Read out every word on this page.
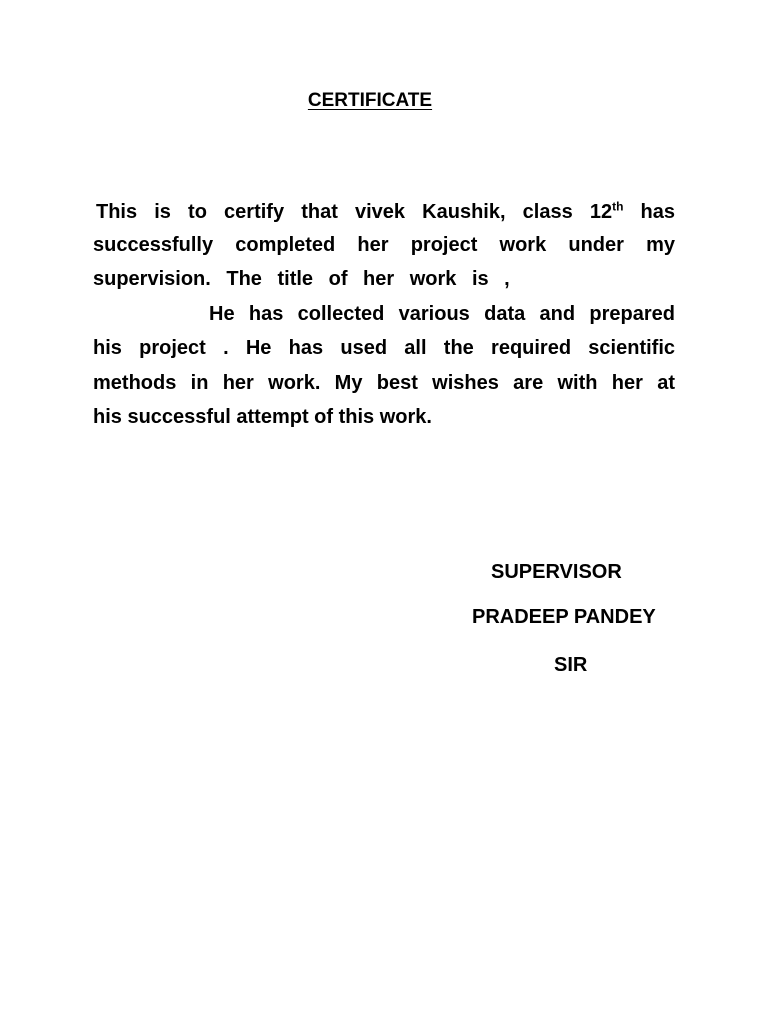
CERTIFICATE
This is to certify that vivek Kaushik, class 12th has
successfully completed her project work under my
supervision. The title of her work is ,
He has collected various data and prepared
his project . He has used all the required scientific
methods in her work. My best wishes are with her at
his successful attempt of this work.
SUPERVISOR
PRADEEP PANDEY
SIR
